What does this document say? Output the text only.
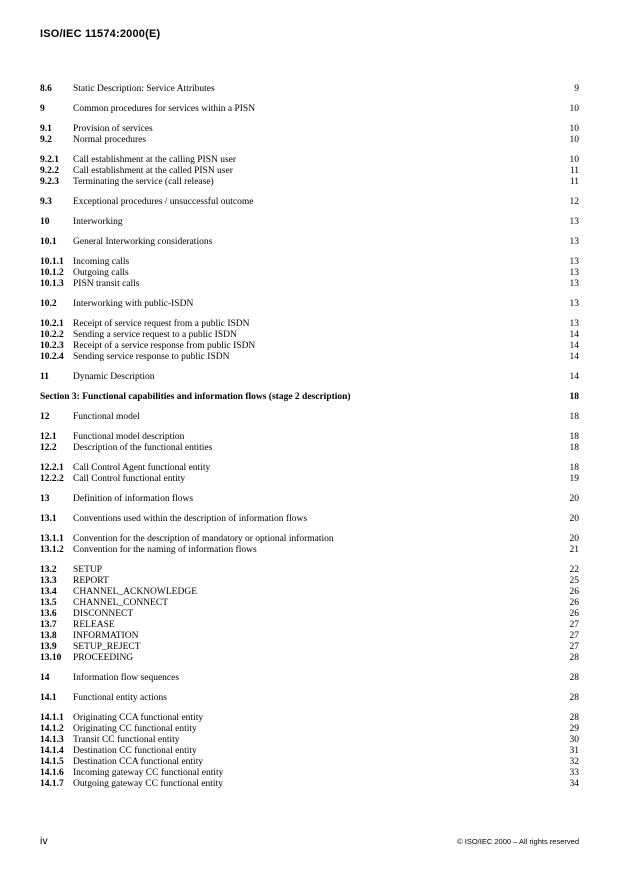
ISO/IEC 11574:2000(E)
8.6	Static Description: Service Attributes	9
9	Common procedures for services within a PISN	10
9.1	Provision of services	10
9.2	Normal procedures	10
9.2.1	Call establishment at the calling PISN user	10
9.2.2	Call establishment at the called PISN user	11
9.2.3	Terminating the service (call release)	11
9.3	Exceptional procedures / unsuccessful outcome	12
10	Interworking	13
10.1	General Interworking considerations	13
10.1.1 Incoming calls	13
10.1.2 Outgoing calls	13
10.1.3 PISN transit calls	13
10.2	Interworking with public-ISDN	13
10.2.1 Receipt of service request from a public ISDN	13
10.2.2 Sending a service request to a public ISDN	14
10.2.3 Receipt of a service response from public ISDN	14
10.2.4 Sending service response to public ISDN	14
11	Dynamic Description	14
Section 3: Functional capabilities and information flows (stage 2 description)	18
12	Functional model	18
12.1	Functional model description	18
12.2	Description of the functional entities	18
12.2.1 Call Control Agent functional entity	18
12.2.2 Call Control functional entity	19
13	Definition of information flows	20
13.1	Conventions used within the description of information flows	20
13.1.1 Convention for the description of mandatory or optional information	20
13.1.2 Convention for the naming of information flows	21
13.2	SETUP	22
13.3	REPORT	25
13.4	CHANNEL_ACKNOWLEDGE	26
13.5	CHANNEL_CONNECT	26
13.6	DISCONNECT	26
13.7	RELEASE	27
13.8	INFORMATION	27
13.9	SETUP_REJECT	27
13.10	PROCEEDING	28
14	Information flow sequences	28
14.1	Functional entity actions	28
14.1.1 Originating CCA functional entity	28
14.1.2 Originating CC functional entity	29
14.1.3 Transit CC functional entity	30
14.1.4 Destination CC functional entity	31
14.1.5 Destination CCA functional entity	32
14.1.6 Incoming gateway CC functional entity	33
14.1.7 Outgoing gateway CC functional entity	34
iv	© ISO/IEC 2000 – All rights reserved
